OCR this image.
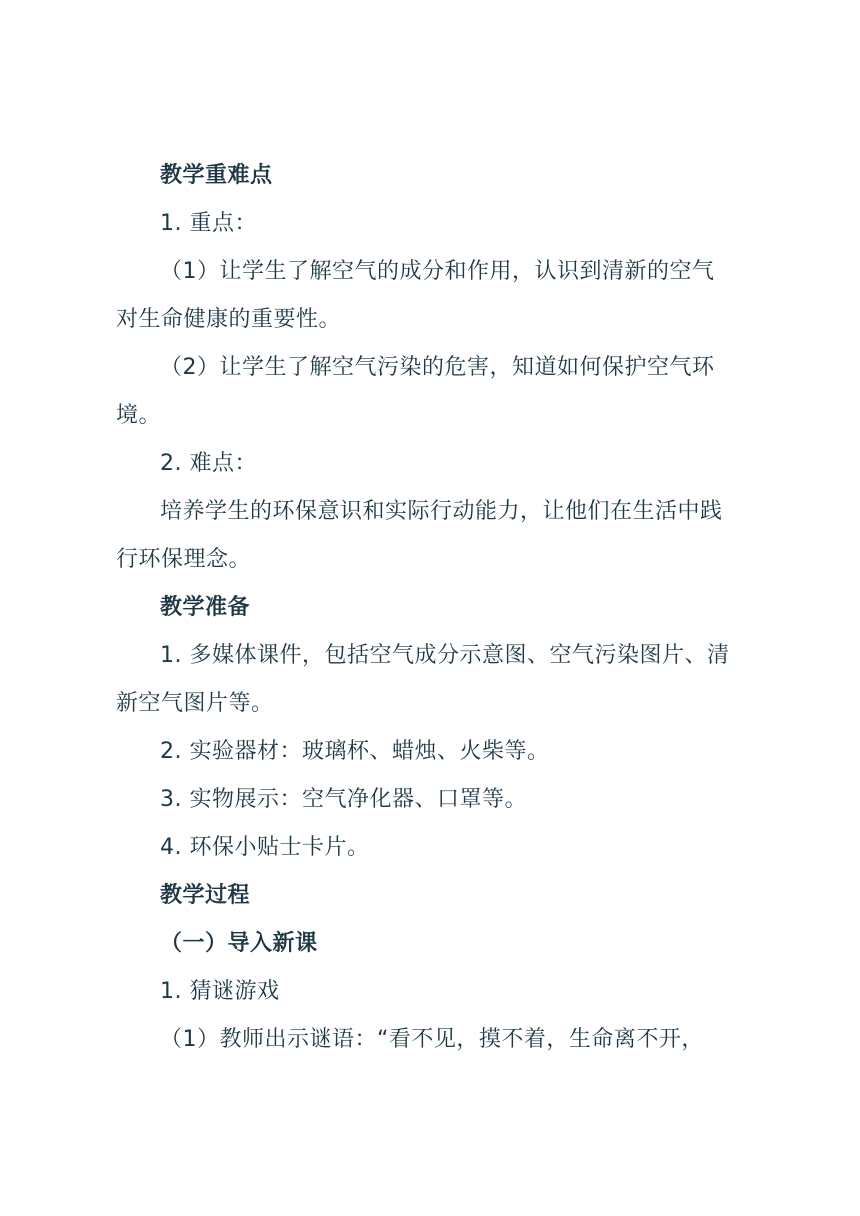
教学重难点
1. 重点：
（1）让学生了解空气的成分和作用，认识到清新的空气
对生命健康的重要性。
（2）让学生了解空气污染的危害，知道如何保护空气环
境。
2. 难点：
培养学生的环保意识和实际行动能力，让他们在生活中践
行环保理念。
教学准备
1. 多媒体课件，包括空气成分示意图、空气污染图片、清
新空气图片等。
2. 实验器材：玻璃杯、蜡烛、火柴等。
3. 实物展示：空气净化器、口罩等。
4. 环保小贴士卡片。
教学过程
（一）导入新课
1. 猜谜游戏
（1）教师出示谜语：“看不见，摸不着，生命离不开，
